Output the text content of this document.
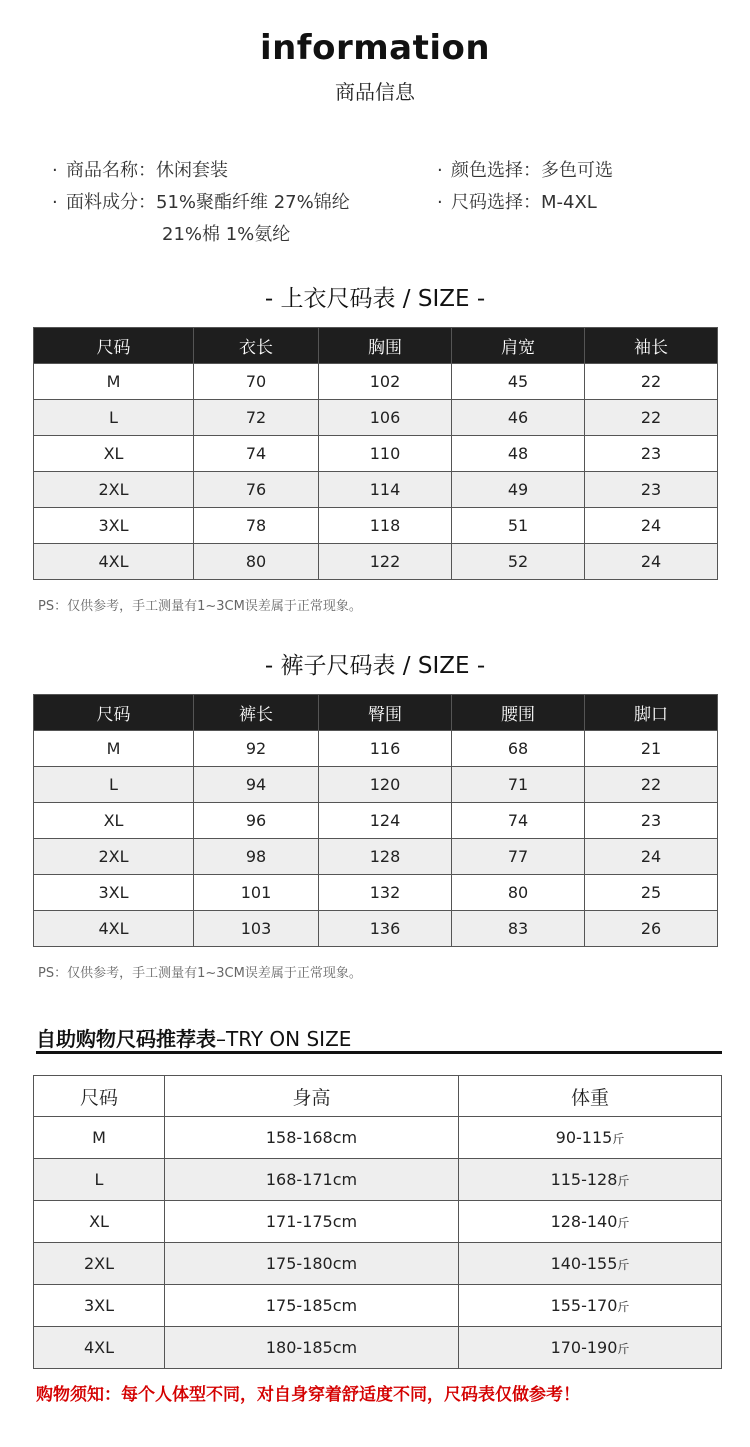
information
商品信息
· 商品名称：休闲套装
· 面料成分：51%聚酯纤维 27%锦纶
21%棉 1%氨纶
· 颜色选择：多色可选
· 尺码选择：M-4XL
- 上衣尺码表 / SIZE -
尺码	衣长	胸围	肩宽	袖长
M	70	102	45	22
L	72	106	46	22
XL	74	110	48	23
2XL	76	114	49	23
3XL	78	118	51	24
4XL	80	122	52	24
PS：仅供参考，手工测量有1~3CM误差属于正常现象。
- 裤子尺码表 / SIZE -
尺码	裤长	臀围	腰围	脚口
M	92	116	68	21
L	94	120	71	22
XL	96	124	74	23
2XL	98	128	77	24
3XL	101	132	80	25
4XL	103	136	83	26
PS：仅供参考，手工测量有1~3CM误差属于正常现象。
自助购物尺码推荐表–TRY ON SIZE
尺码	身高	体重
M	158-168cm	90-115斤
L	168-171cm	115-128斤
XL	171-175cm	128-140斤
2XL	175-180cm	140-155斤
3XL	175-185cm	155-170斤
4XL	180-185cm	170-190斤
购物须知：每个人体型不同，对自身穿着舒适度不同，尺码表仅做参考！
